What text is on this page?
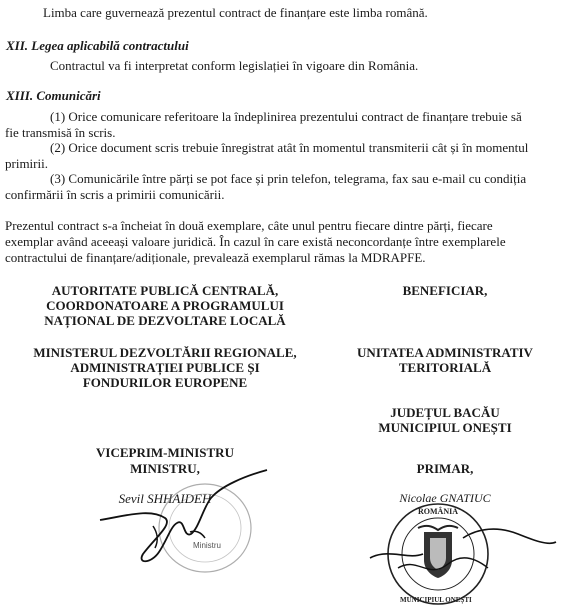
Limba care guvernează prezentul contract de finanțare este limba română.
XII. Legea aplicabilă contractului
Contractul va fi interpretat conform legislației în vigoare din România.
XIII. Comunicări
(1) Orice comunicare referitoare la îndeplinirea prezentului contract de finanțare trebuie să
fie transmisă în scris.
(2) Orice document scris trebuie înregistrat atât în momentul transmiterii cât și în momentul
primirii.
(3) Comunicările între părți se pot face și prin telefon, telegrama, fax sau e-mail cu condiția
confirmării în scris a primirii comunicării.
Prezentul contract s-a încheiat în două exemplare, câte unul pentru fiecare dintre părți, fiecare
exemplar având aceeași valoare juridică. În cazul în care există neconcordanțe între exemplarele
contractului de finanțare/adiționale, prevalează exemplarul rămas la MDRAPFE.
AUTORITATE PUBLICĂ CENTRALĂ,
COORDONATOARE A PROGRAMULUI
NAȚIONAL DE DEZVOLTARE LOCALĂ
MINISTERUL DEZVOLTĂRII REGIONALE,
ADMINISTRAȚIEI PUBLICE ȘI
FONDURILOR EUROPENE
VICEPRIM-MINISTRU
MINISTRU,
Sevil SHHAIDEH
Ministru
BENEFICIAR,
UNITATEA ADMINISTRATIV
TERITORIALĂ
JUDEȚUL BACĂU
MUNICIPIUL ONEȘTI
PRIMAR,
Nicolae GNATIUC
ROMÂNIA
MUNICIPIUL ONEȘTI
